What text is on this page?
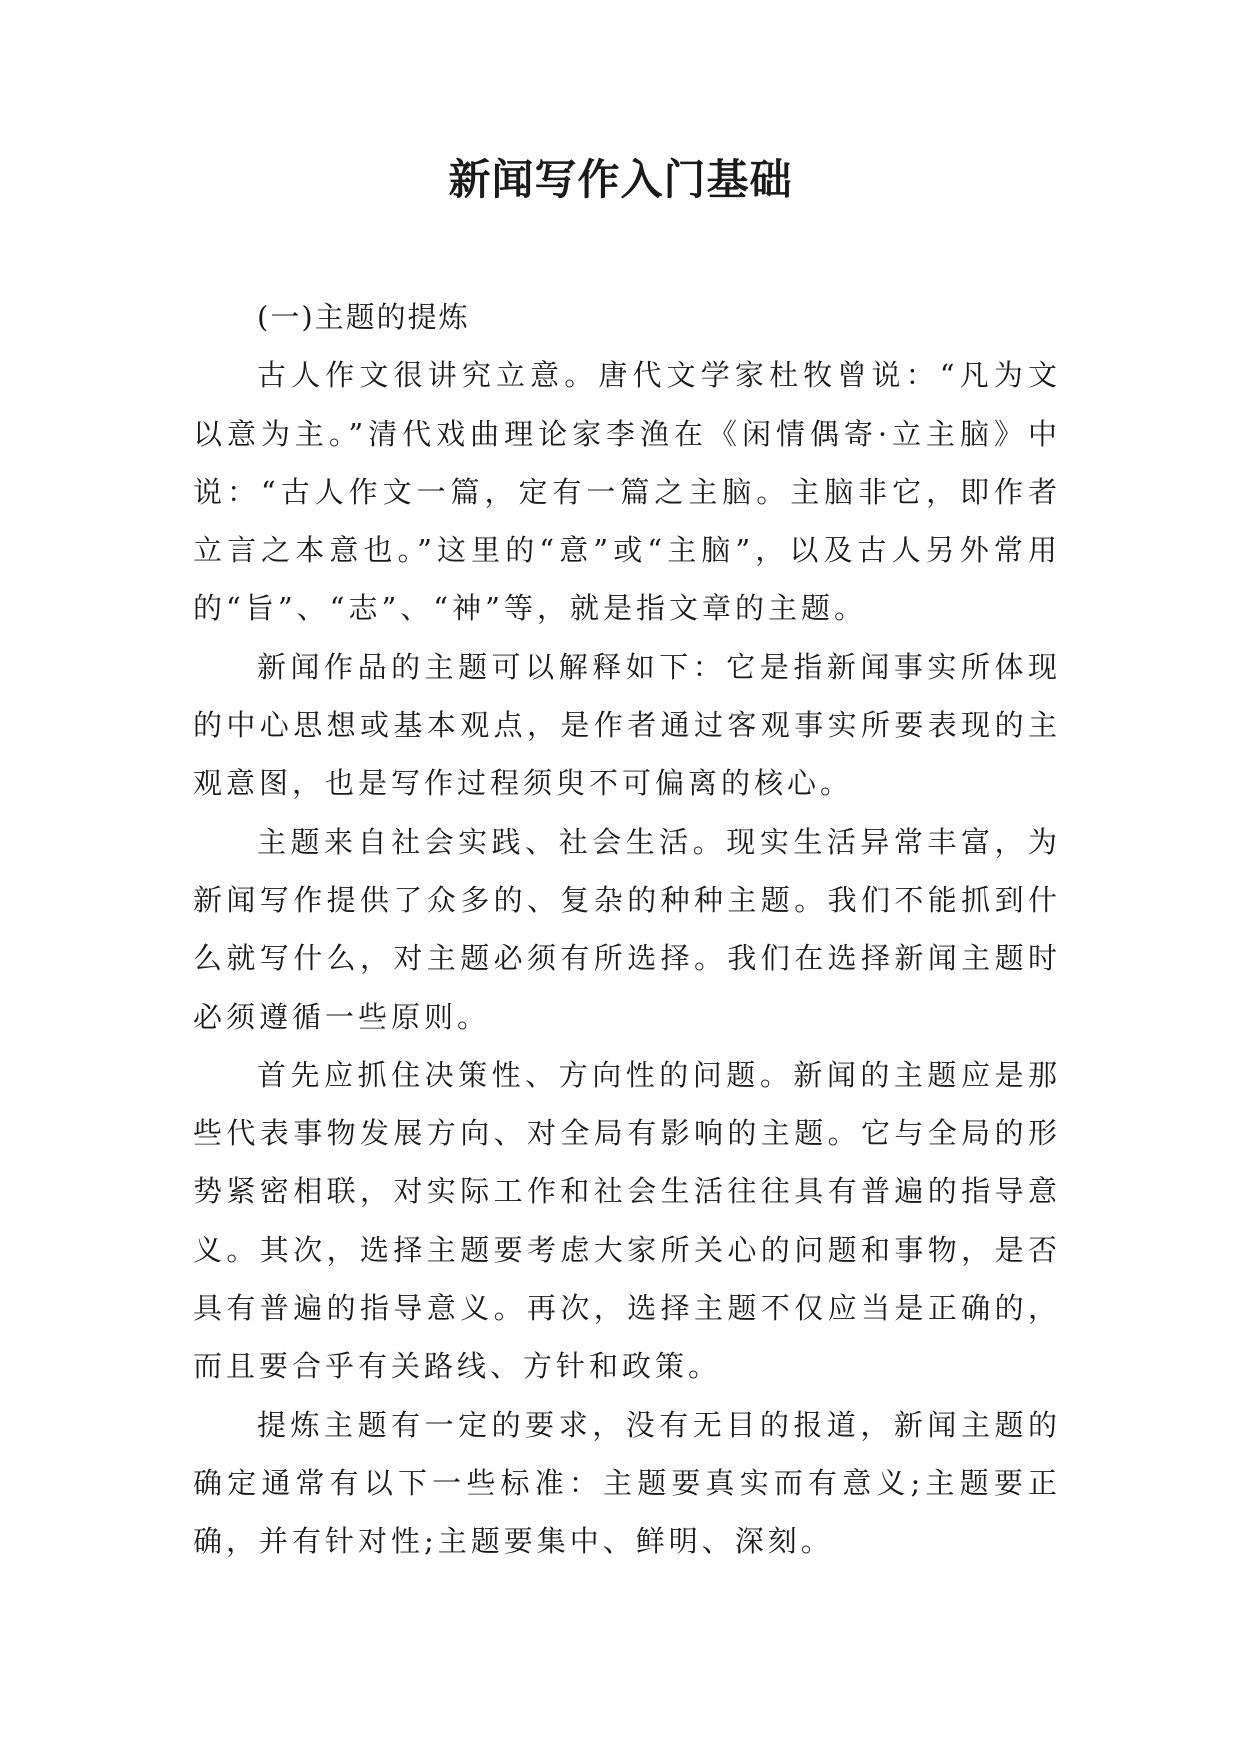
新闻写作入门基础
(一)主题的提炼

古人作文很讲究立意。唐代文学家杜牧曾说：“凡为文以意为主。”清代戏曲理论家李渔在《闲情偶寄·立主脑》中说：“古人作文一篇，定有一篇之主脑。主脑非它，即作者立言之本意也。”这里的“意”或“主脑”，以及古人另外常用的“旨”、“志”、“神”等，就是指文章的主题。

新闻作品的主题可以解释如下：它是指新闻事实所体现的中心思想或基本观点，是作者通过客观事实所要表现的主观意图，也是写作过程须臾不可偏离的核心。

主题来自社会实践、社会生活。现实生活异常丰富，为新闻写作提供了众多的、复杂的种种主题。我们不能抓到什么就写什么，对主题必须有所选择。我们在选择新闻主题时必须遵循一些原则。

首先应抓住决策性、方向性的问题。新闻的主题应是那些代表事物发展方向、对全局有影响的主题。它与全局的形势紧密相联，对实际工作和社会生活往往具有普遍的指导意义。其次，选择主题要考虑大家所关心的问题和事物，是否具有普遍的指导意义。再次，选择主题不仅应当是正确的，而且要合乎有关路线、方针和政策。

提炼主题有一定的要求，没有无目的报道，新闻主题的确定通常有以下一些标准：主题要真实而有意义;主题要正确，并有针对性;主题要集中、鲜明、深刻。
